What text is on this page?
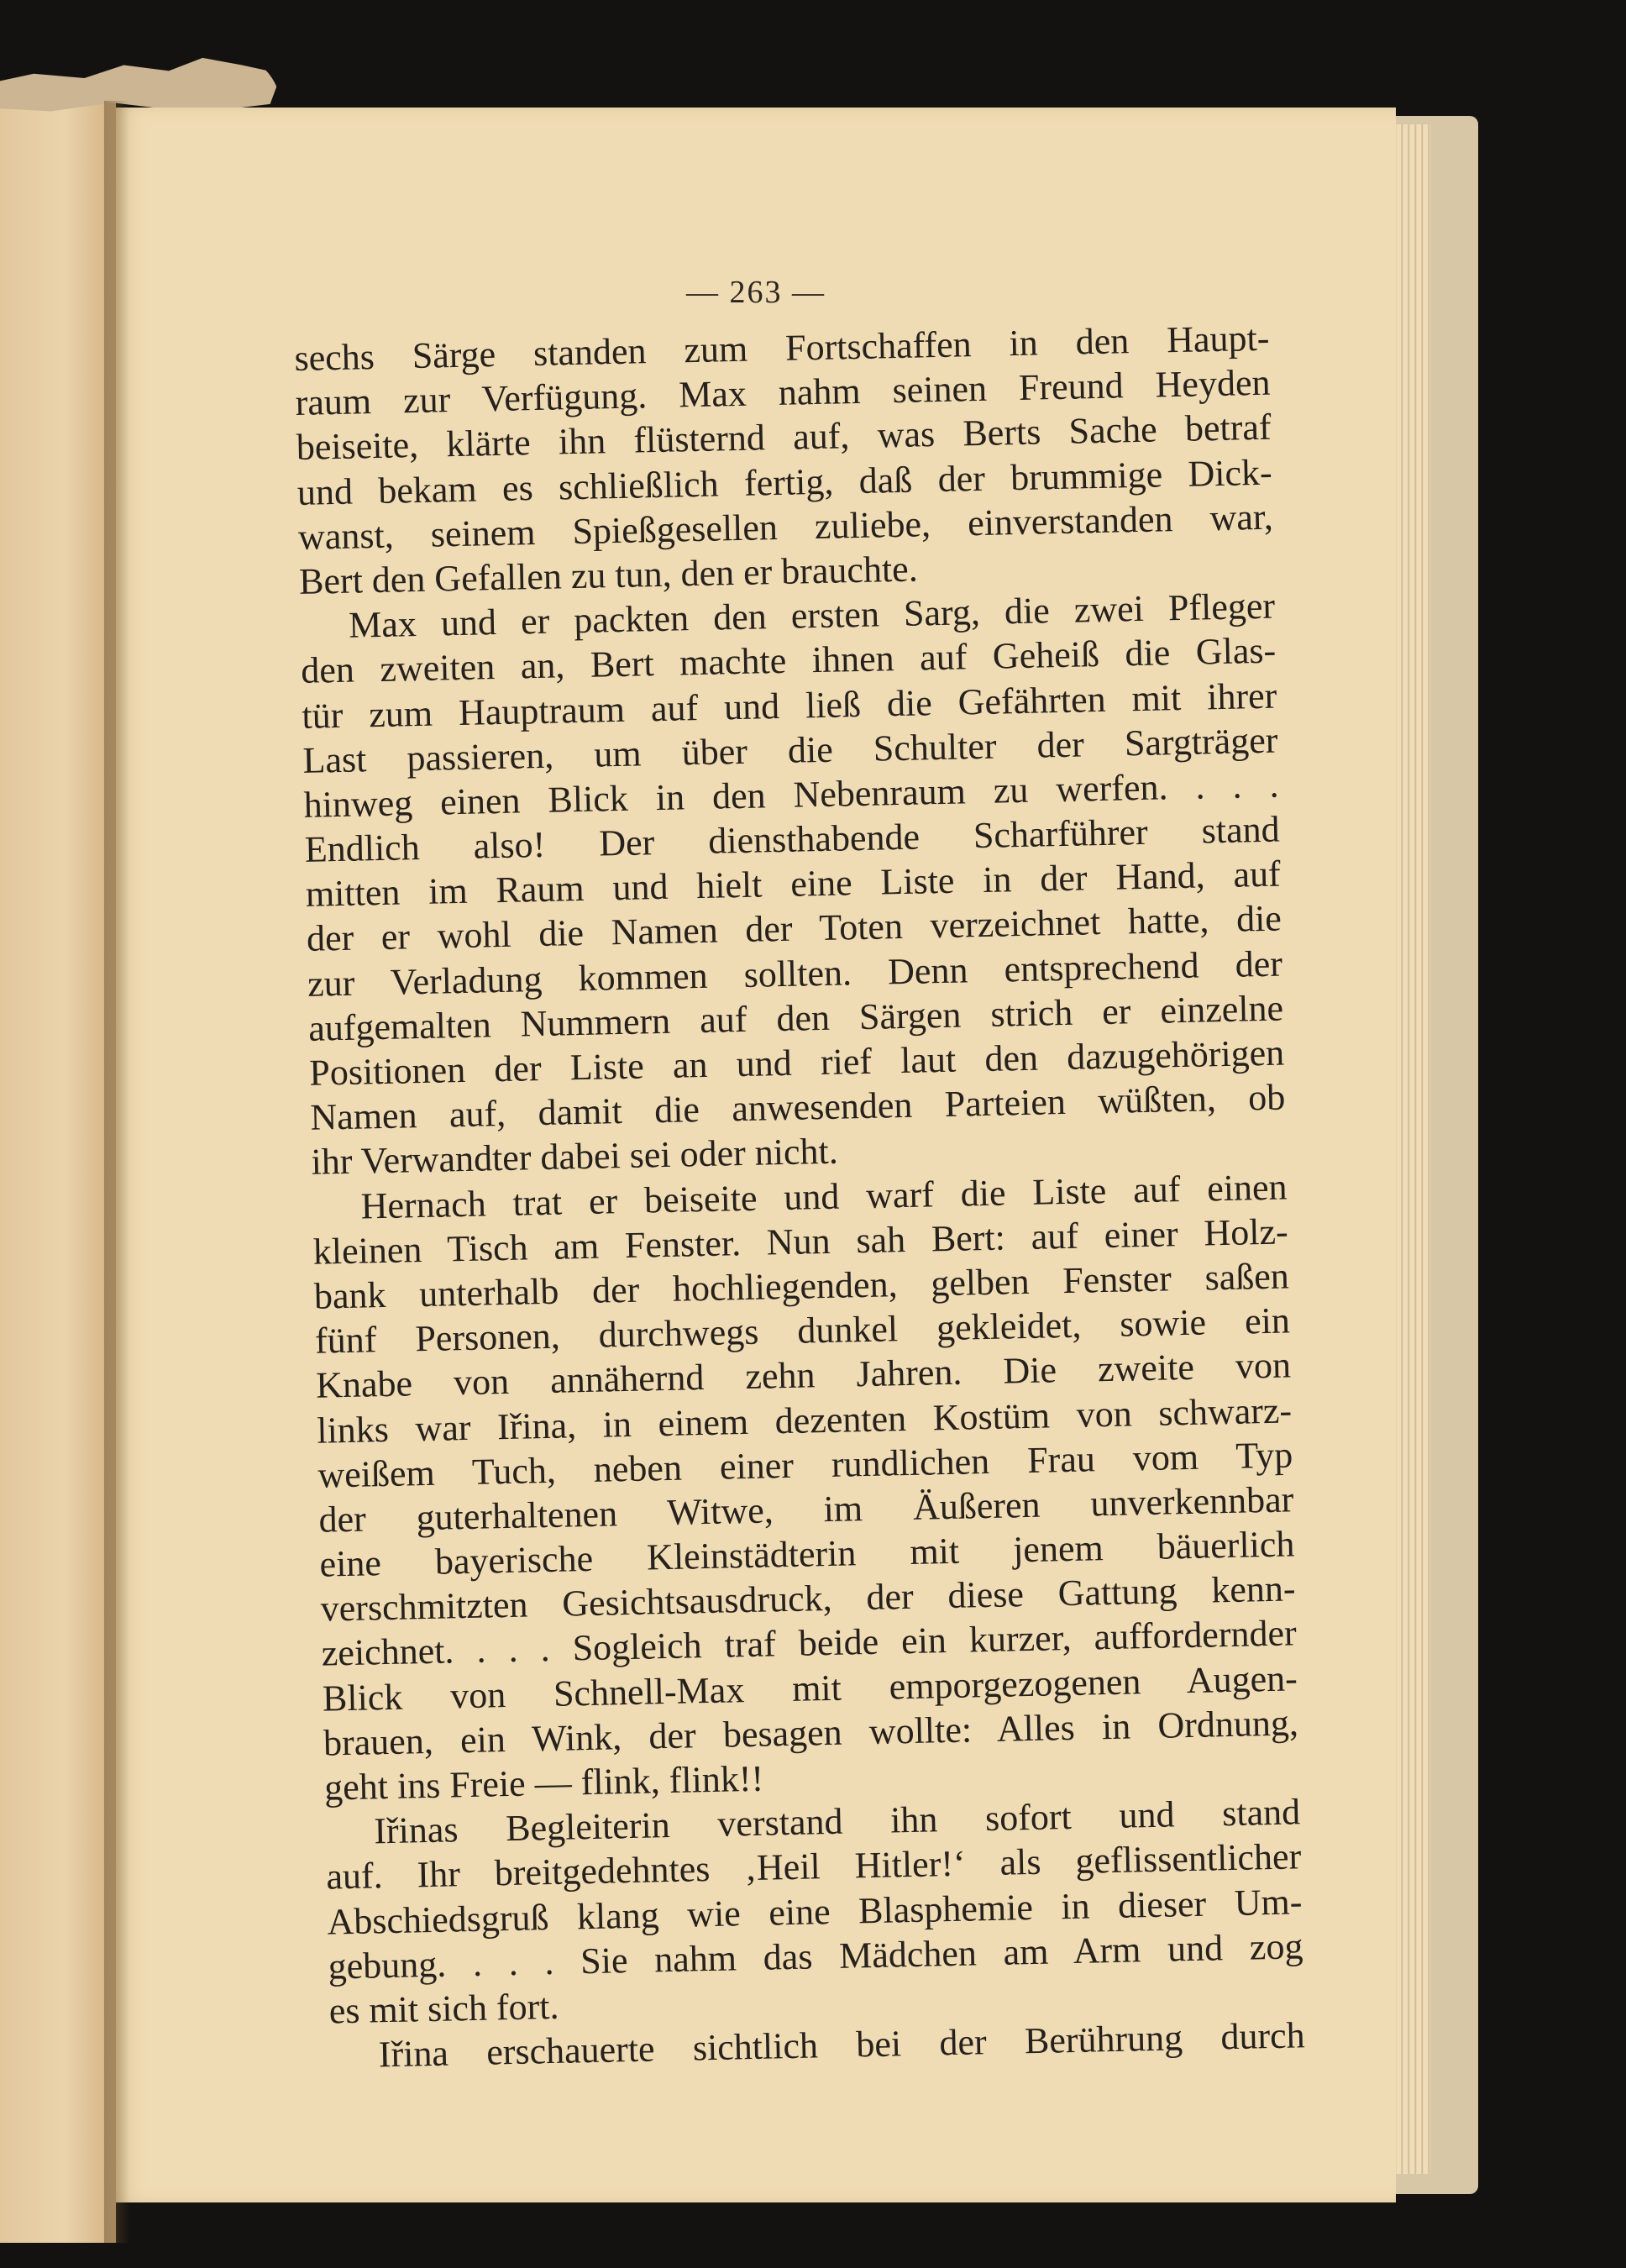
— 263 —

sechs Särge standen zum Fortschaffen in den Haupt-
raum zur Verfügung. Max nahm seinen Freund Heyden
beiseite, klärte ihn flüsternd auf, was Berts Sache betraf
und bekam es schließlich fertig, daß der brummige Dick-
wanst, seinem Spießgesellen zuliebe, einverstanden war,
Bert den Gefallen zu tun, den er brauchte.
Max und er packten den ersten Sarg, die zwei Pfleger
den zweiten an, Bert machte ihnen auf Geheiß die Glas-
tür zum Hauptraum auf und ließ die Gefährten mit ihrer
Last passieren, um über die Schulter der Sargträger
hinweg einen Blick in den Nebenraum zu werfen. . . .
Endlich also! Der diensthabende Scharführer stand
mitten im Raum und hielt eine Liste in der Hand, auf
der er wohl die Namen der Toten verzeichnet hatte, die
zur Verladung kommen sollten. Denn entsprechend der
aufgemalten Nummern auf den Särgen strich er einzelne
Positionen der Liste an und rief laut den dazugehörigen
Namen auf, damit die anwesenden Parteien wüßten, ob
ihr Verwandter dabei sei oder nicht.
Hernach trat er beiseite und warf die Liste auf einen
kleinen Tisch am Fenster. Nun sah Bert: auf einer Holz-
bank unterhalb der hochliegenden, gelben Fenster saßen
fünf Personen, durchwegs dunkel gekleidet, sowie ein
Knabe von annähernd zehn Jahren. Die zweite von
links war Iřina, in einem dezenten Kostüm von schwarz-
weißem Tuch, neben einer rundlichen Frau vom Typ
der guterhaltenen Witwe, im Äußeren unverkennbar
eine bayerische Kleinstädterin mit jenem bäuerlich
verschmitzten Gesichtsausdruck, der diese Gattung kenn-
zeichnet. . . . Sogleich traf beide ein kurzer, auffordernder
Blick von Schnell-Max mit emporgezogenen Augen-
brauen, ein Wink, der besagen wollte: Alles in Ordnung,
geht ins Freie — flink, flink!!
Iřinas Begleiterin verstand ihn sofort und stand
auf. Ihr breitgedehntes ‚Heil Hitler!‘ als geflissentlicher
Abschiedsgruß klang wie eine Blasphemie in dieser Um-
gebung. . . . Sie nahm das Mädchen am Arm und zog
es mit sich fort.
Iřina erschauerte sichtlich bei der Berührung durch
